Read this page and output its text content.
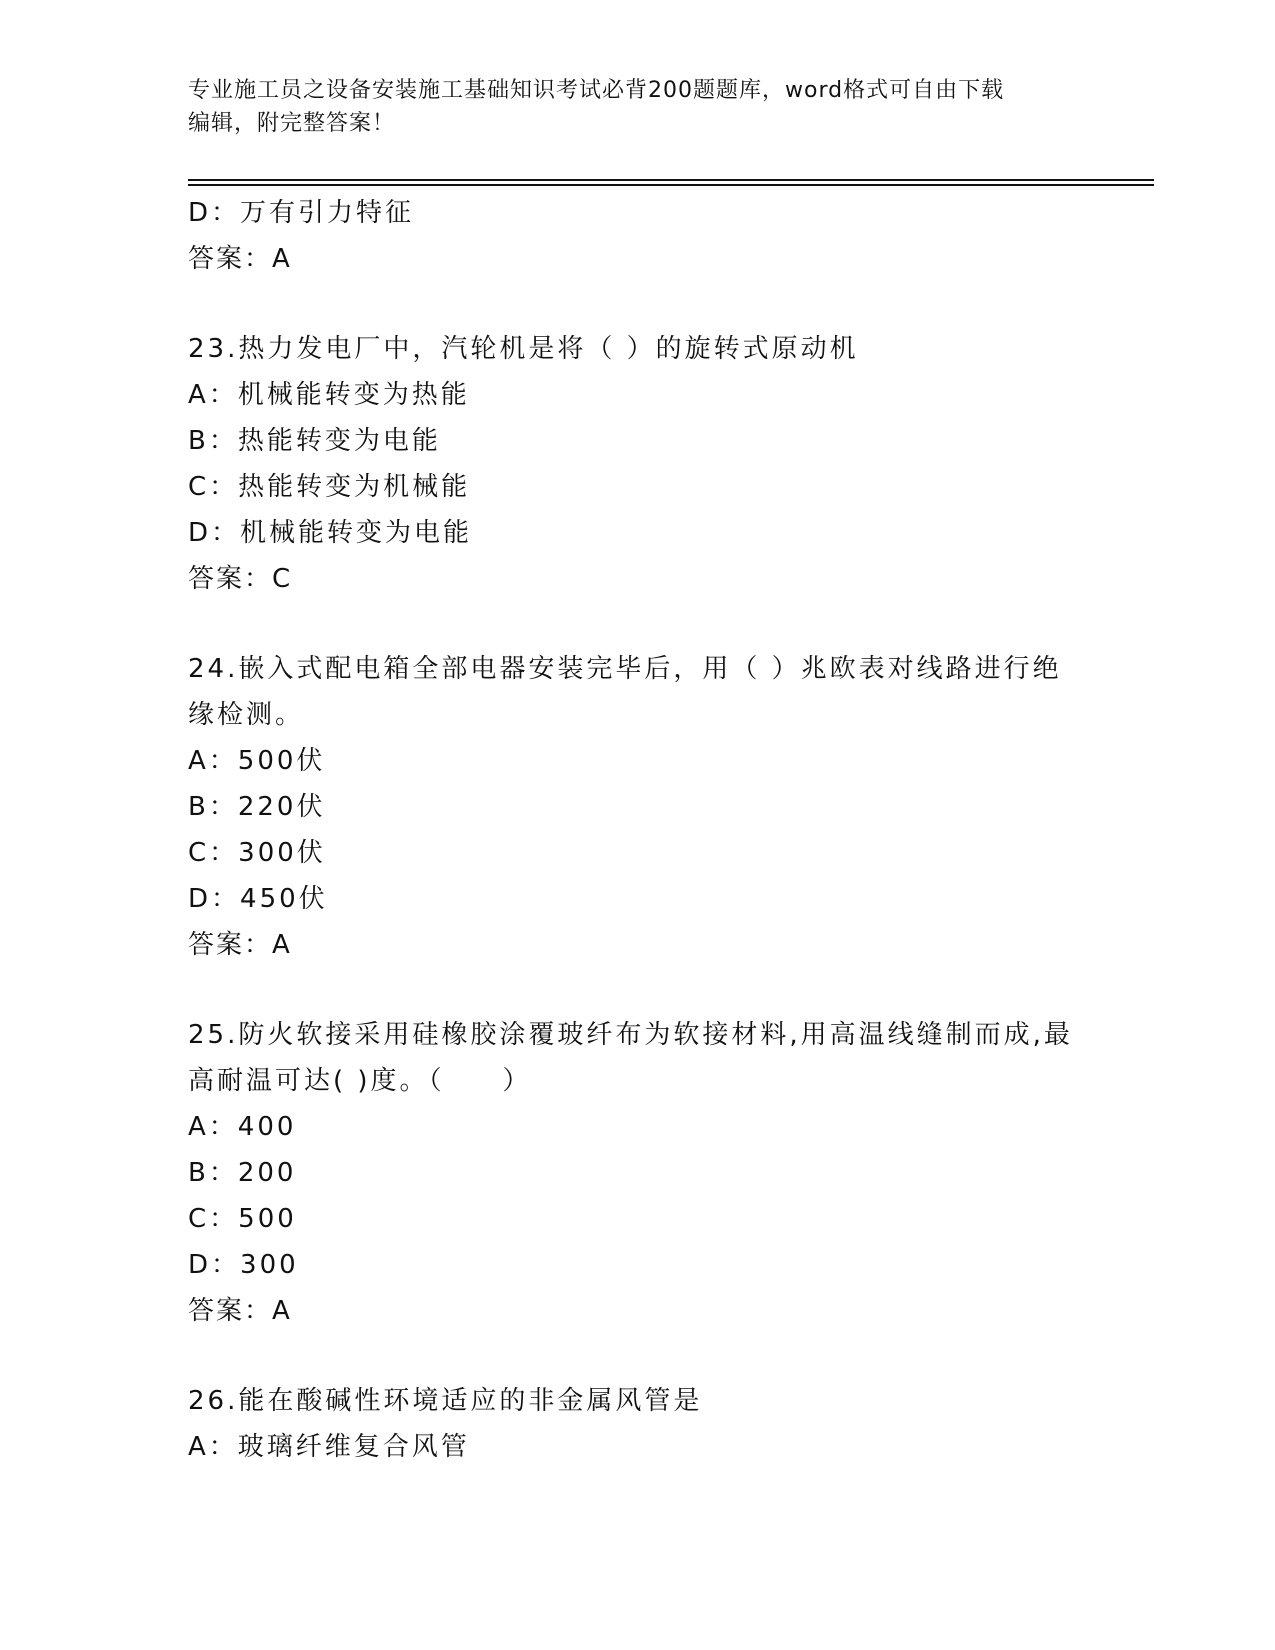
专业施工员之设备安装施工基础知识考试必背200题题库，word格式可自由下载
编辑，附完整答案！
D：万有引力特征
答案：A
23.热力发电厂中，汽轮机是将（ ）的旋转式原动机
A：机械能转变为热能
B：热能转变为电能
C：热能转变为机械能
D：机械能转变为电能
答案：C
24.嵌入式配电箱全部电器安装完毕后，用（ ）兆欧表对线路进行绝
缘检测。
A：500伏
B：220伏
C：300伏
D：450伏
答案：A
25.防火软接采用硅橡胶涂覆玻纤布为软接材料,用高温线缝制而成,最
高耐温可达( )度。（　　）
A：400
B：200
C：500
D：300
答案：A
26.能在酸碱性环境适应的非金属风管是
A：玻璃纤维复合风管
